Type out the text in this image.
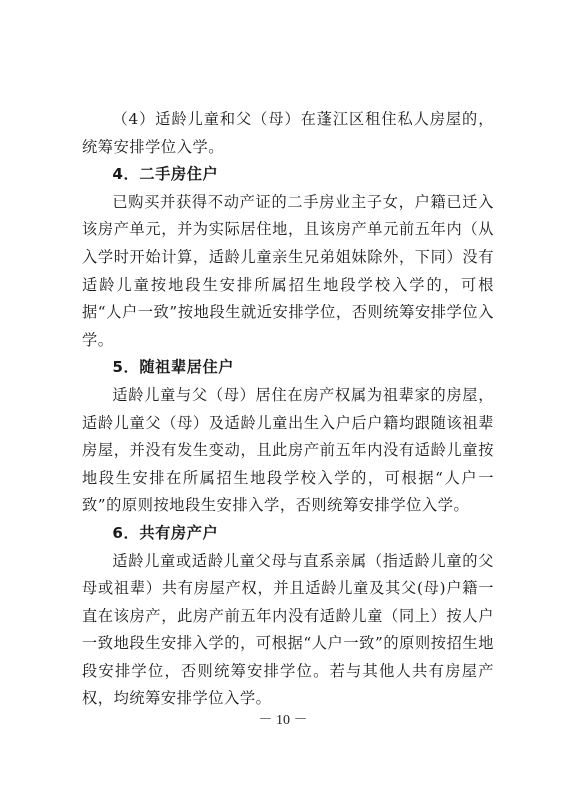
（4）适龄儿童和父（母）在蓬江区租住私人房屋的，统筹安排学位入学。

4．二手房住户

已购买并获得不动产证的二手房业主子女，户籍已迁入该房产单元，并为实际居住地，且该房产单元前五年内（从入学时开始计算，适龄儿童亲生兄弟姐妹除外，下同）没有适龄儿童按地段生安排所属招生地段学校入学的，可根据“人户一致”按地段生就近安排学位，否则统筹安排学位入学。

5．随祖辈居住户

适龄儿童与父（母）居住在房产权属为祖辈家的房屋，适龄儿童父（母）及适龄儿童出生入户后户籍均跟随该祖辈房屋，并没有发生变动，且此房产前五年内没有适龄儿童按地段生安排在所属招生地段学校入学的，可根据“人户一致”的原则按地段生安排入学，否则统筹安排学位入学。

6．共有房产户

适龄儿童或适龄儿童父母与直系亲属（指适龄儿童的父母或祖辈）共有房屋产权，并且适龄儿童及其父(母)户籍一直在该房产，此房产前五年内没有适龄儿童（同上）按人户一致地段生安排入学的，可根据“人户一致”的原则按招生地段安排学位，否则统筹安排学位。若与其他人共有房屋产权，均统筹安排学位入学。

－ 10 －
